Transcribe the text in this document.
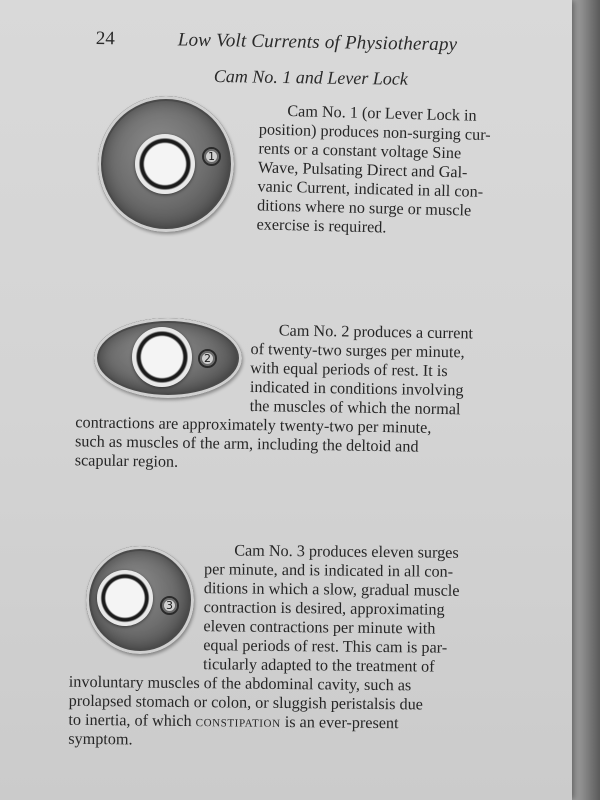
24	Low Volt Currents of Physiotherapy
Cam No. 1 and Lever Lock
1
Cam No. 1 (or Lever Lock in
position) produces non-surging cur-
rents or a constant voltage Sine
Wave, Pulsating Direct and Gal-
vanic Current, indicated in all con-
ditions where no surge or muscle
exercise is required.
2
Cam No. 2 produces a current
of twenty-two surges per minute,
with equal periods of rest. It is
indicated in conditions involving
the muscles of which the normal
contractions are approximately twenty-two per minute,
such as muscles of the arm, including the deltoid and
scapular region.
3
Cam No. 3 produces eleven surges
per minute, and is indicated in all con-
ditions in which a slow, gradual muscle
contraction is desired, approximating
eleven contractions per minute with
equal periods of rest. This cam is par-
ticularly adapted to the treatment of
involuntary muscles of the abdominal cavity, such as
prolapsed stomach or colon, or sluggish peristalsis due
to inertia, of which constipation is an ever-present
symptom.
